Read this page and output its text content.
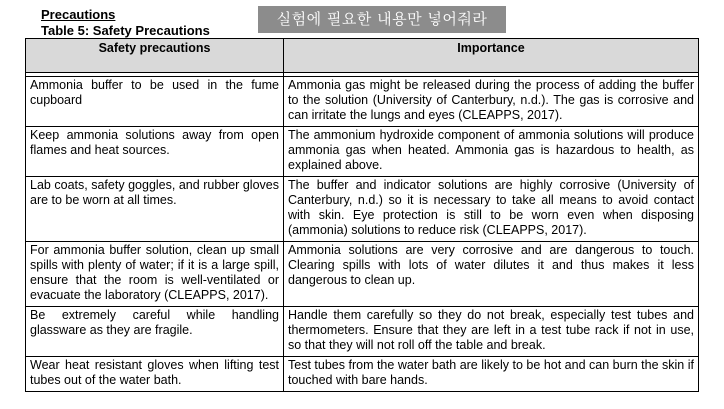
Precautions

Table 5: Safety Precautions

실험에 필요한 내용만 넣어줘라
Safety precautions	Importance

Ammonia buffer to be used in the fume cupboard	Ammonia gas might be released during the process of adding the buffer to the solution (University of Canterbury, n.d.). The gas is corrosive and can irritate the lungs and eyes (CLEAPPS, 2017).
Keep ammonia solutions away from open flames and heat sources.	The ammonium hydroxide component of ammonia solutions will produce ammonia gas when heated. Ammonia gas is hazardous to health, as explained above.
Lab coats, safety goggles, and rubber gloves are to be worn at all times.	The buffer and indicator solutions are highly corrosive (University of Canterbury, n.d.) so it is necessary to take all means to avoid contact with skin. Eye protection is still to be worn even when disposing (ammonia) solutions to reduce risk (CLEAPPS, 2017).
For ammonia buffer solution, clean up small spills with plenty of water; if it is a large spill, ensure that the room is well-ventilated or evacuate the laboratory (CLEAPPS, 2017).	Ammonia solutions are very corrosive and are dangerous to touch. Clearing spills with lots of water dilutes it and thus makes it less dangerous to clean up.
Be extremely careful while handling glassware as they are fragile.	Handle them carefully so they do not break, especially test tubes and thermometers. Ensure that they are left in a test tube rack if not in use, so that they will not roll off the table and break.
Wear heat resistant gloves when lifting test tubes out of the water bath.	Test tubes from the water bath are likely to be hot and can burn the skin if touched with bare hands.
